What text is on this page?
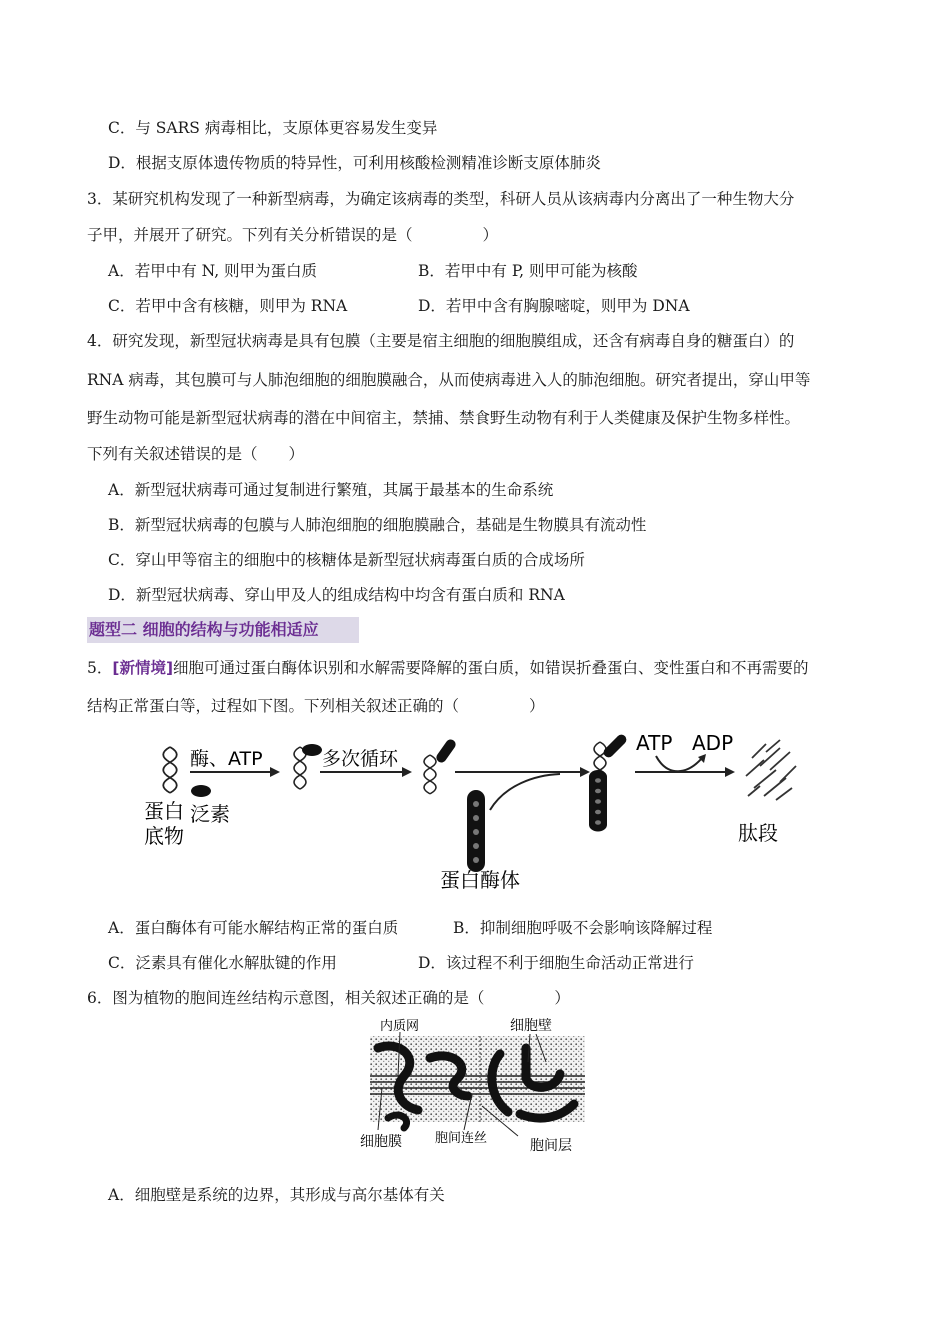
C．与 SARS 病毒相比，支原体更容易发生变异
D．根据支原体遗传物质的特异性，可利用核酸检测精准诊断支原体肺炎
3．某研究机构发现了一种新型病毒，为确定该病毒的类型，科研人员从该病毒内分离出了一种生物大分
子甲，并展开了研究。下列有关分析错误的是（	）
A．若甲中有 N, 则甲为蛋白质	B．若甲中有 P, 则甲可能为核酸
C．若甲中含有核糖，则甲为 RNA	D．若甲中含有胸腺嘧啶，则甲为 DNA
4．研究发现，新型冠状病毒是具有包膜（主要是宿主细胞的细胞膜组成，还含有病毒自身的糖蛋白）的
RNA 病毒，其包膜可与人肺泡细胞的细胞膜融合，从而使病毒进入人的肺泡细胞。研究者提出，穿山甲等
野生动物可能是新型冠状病毒的潜在中间宿主，禁捕、禁食野生动物有利于人类健康及保护生物多样性。
下列有关叙述错误的是（　　）
A．新型冠状病毒可通过复制进行繁殖，其属于最基本的生命系统
B．新型冠状病毒的包膜与人肺泡细胞的细胞膜融合，基础是生物膜具有流动性
C．穿山甲等宿主的细胞中的核糖体是新型冠状病毒蛋白质的合成场所
D．新型冠状病毒、穿山甲及人的组成结构中均含有蛋白质和 RNA
题型二 细胞的结构与功能相适应
5．[新情境]细胞可通过蛋白酶体识别和水解需要降解的蛋白质，如错误折叠蛋白、变性蛋白和不再需要的
结构正常蛋白等，过程如下图。下列相关叙述正确的（	）
蛋白
底物
泛素
酶、ATP	多次循环
蛋白酶体
ATP ADP
肽段
A．蛋白酶体有可能水解结构正常的蛋白质	B．抑制细胞呼吸不会影响该降解过程
C．泛素具有催化水解肽键的作用	D．该过程不利于细胞生命活动正常进行
6．图为植物的胞间连丝结构示意图，相关叙述正确的是（	）
内质网	细胞壁
细胞膜	胞间连丝	胞间层
A．细胞壁是系统的边界，其形成与高尔基体有关
